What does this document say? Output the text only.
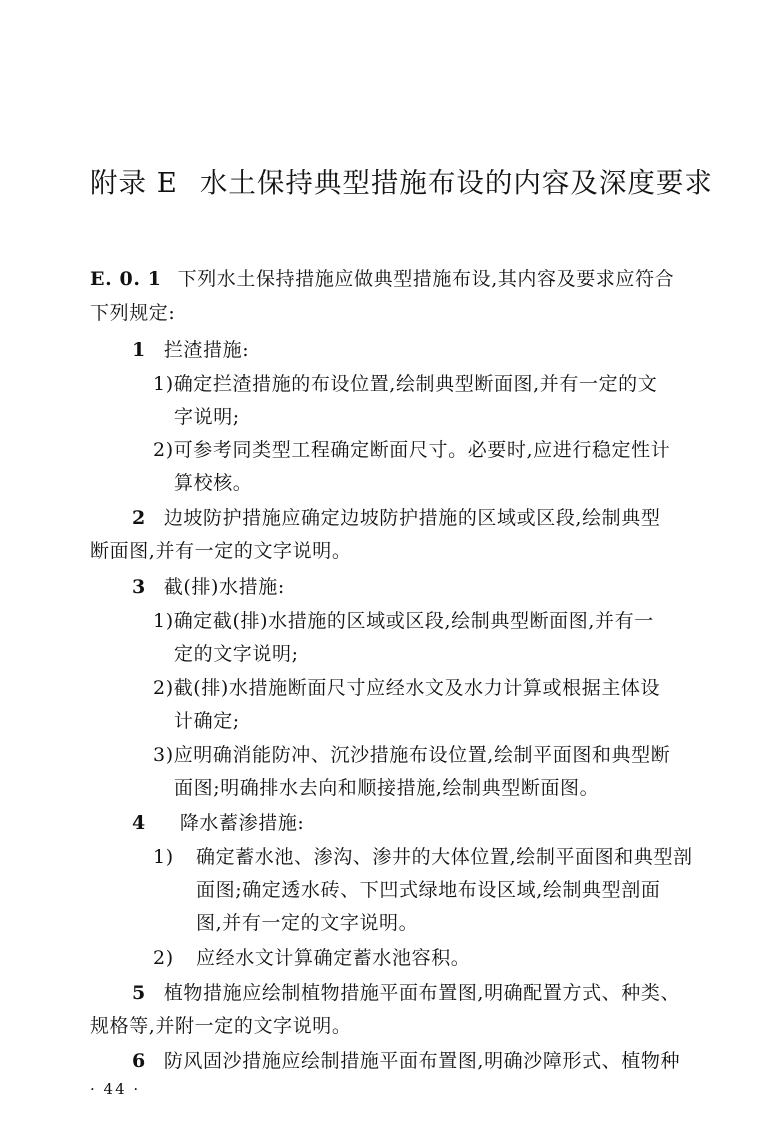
附录 E 水土保持典型措施布设的内容及深度要求
E. 0. 1 下列水土保持措施应做典型措施布设,其内容及要求应符合
下列规定:
1 拦渣措施:
1)确定拦渣措施的布设位置,绘制典型断面图,并有一定的文
字说明;
2)可参考同类型工程确定断面尺寸。必要时,应进行稳定性计
算校核。
2 边坡防护措施应确定边坡防护措施的区域或区段,绘制典型
断面图,并有一定的文字说明。
3 截(排)水措施:
1)确定截(排)水措施的区域或区段,绘制典型断面图,并有一
定的文字说明;
2)截(排)水措施断面尺寸应经水文及水力计算或根据主体设
计确定;
3)应明确消能防冲、沉沙措施布设位置,绘制平面图和典型断
面图;明确排水去向和顺接措施,绘制典型断面图。
4 降水蓄渗措施:
1) 确定蓄水池、渗沟、渗井的大体位置,绘制平面图和典型剖
面图;确定透水砖、下凹式绿地布设区域,绘制典型剖面
图,并有一定的文字说明。
2) 应经水文计算确定蓄水池容积。
5 植物措施应绘制植物措施平面布置图,明确配置方式、种类、
规格等,并附一定的文字说明。
6 防风固沙措施应绘制措施平面布置图,明确沙障形式、植物种
· 44 ·
